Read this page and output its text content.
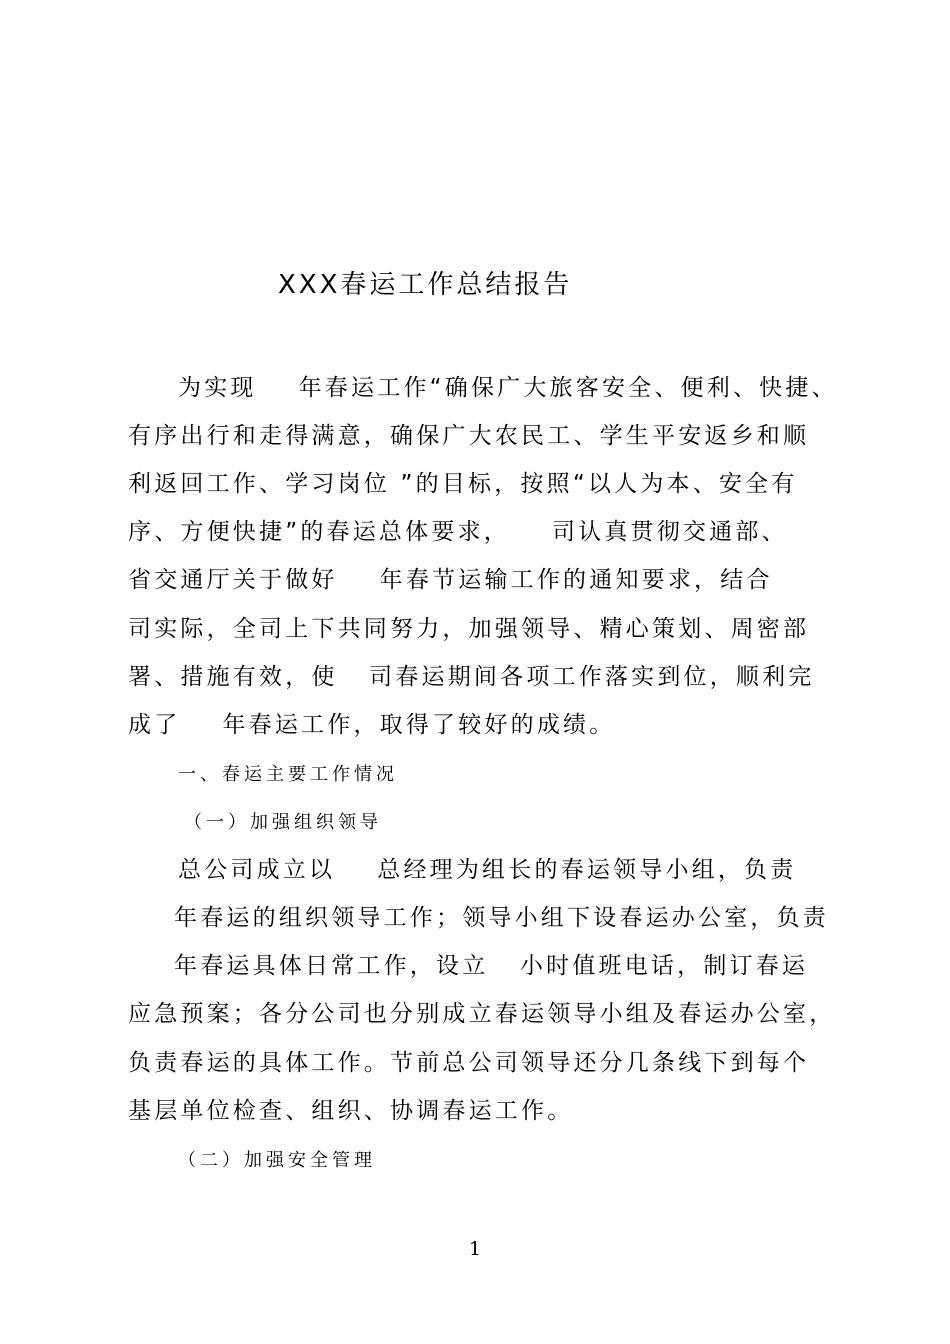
XXX春运工作总结报告
为实现    年春运工作“确保广大旅客安全、便利、快捷、
有序出行和走得满意，确保广大农民工、学生平安返乡和顺
利返回工作、学习岗位 ”的目标，按照“以人为本、安全有
序、方便快捷”的春运总体要求，    司认真贯彻交通部、
省交通厅关于做好    年春节运输工作的通知要求，结合
司实际，全司上下共同努力，加强领导、精心策划、周密部
署、措施有效，使   司春运期间各项工作落实到位，顺利完
成了    年春运工作，取得了较好的成绩。
一、春运主要工作情况
（一）加强组织领导
总公司成立以    总经理为组长的春运领导小组，负责
年春运的组织领导工作；领导小组下设春运办公室，负责
年春运具体日常工作，设立   小时值班电话，制订春运
应急预案；各分公司也分别成立春运领导小组及春运办公室，
负责春运的具体工作。节前总公司领导还分几条线下到每个
基层单位检查、组织、协调春运工作。
（二）加强安全管理
1
